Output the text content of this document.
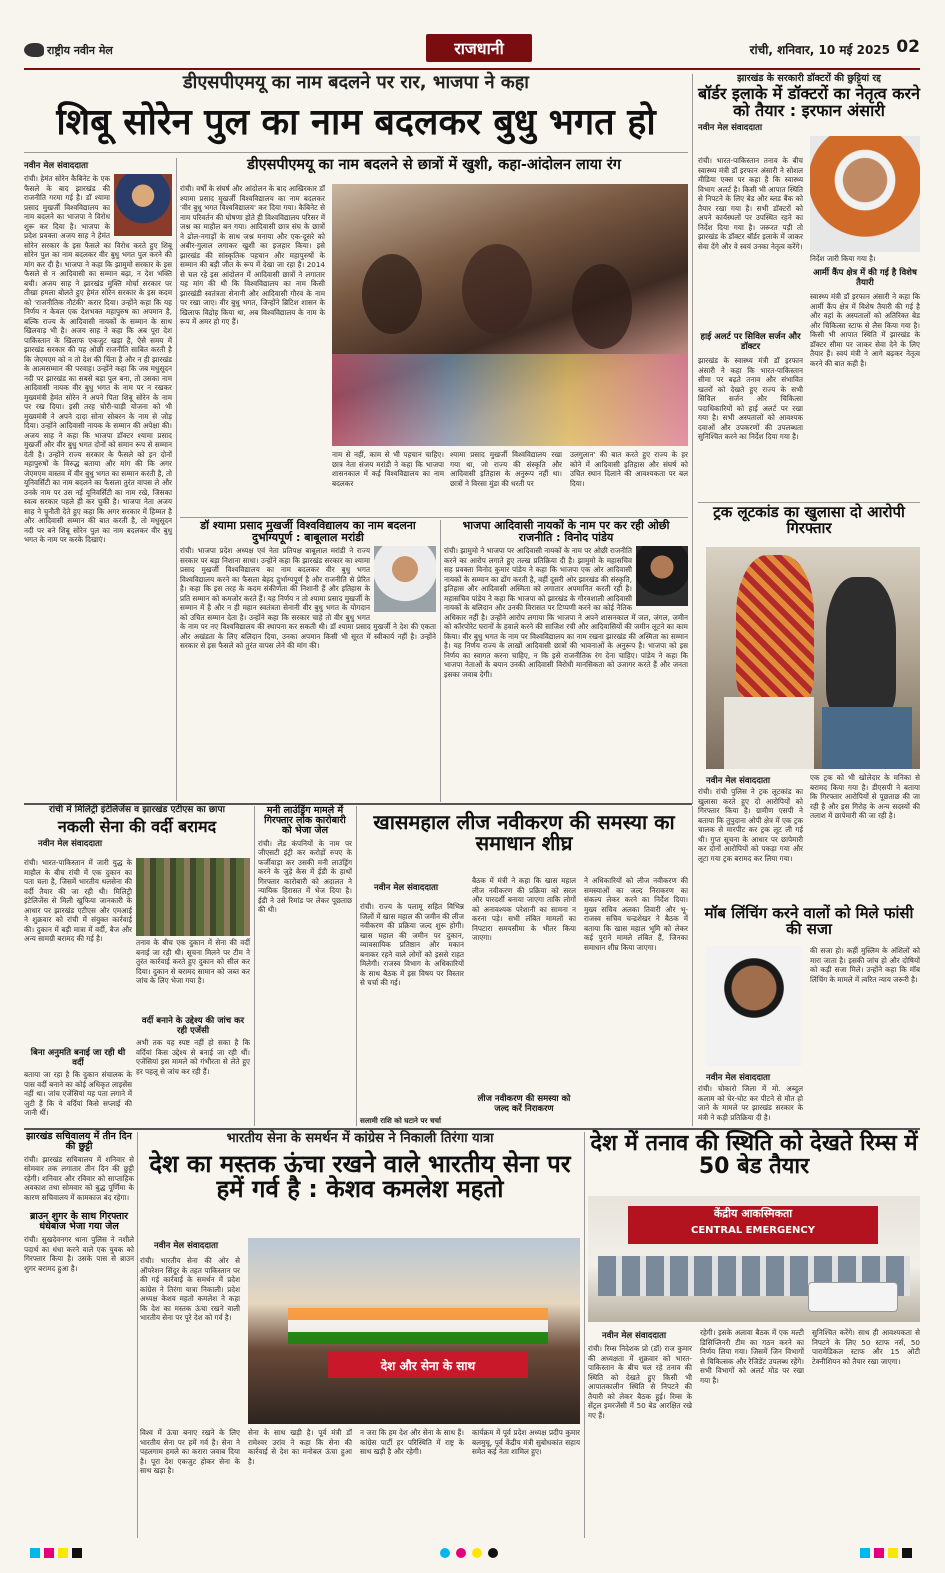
राष्ट्रीय नवीन मेल	राजधानी	रांची, शनिवार, 10 मई 2025 02
डीएसपीएमयू का नाम बदलने पर रार, भाजपा ने कहा
शिबू सोरेन पुल का नाम बदलकर बुधु भगत हो
नवीन मेल संवाददाता
रांची। हेमंत सोरेन कैबिनेट के एक फैसले के बाद झारखंड की राजनीति गरमा गई है। डॉ श्यामा प्रसाद मुखर्जी विश्वविद्यालय का नाम बदलने का भाजपा ने विरोध शुरू कर दिया है। भाजपा के प्रदेश प्रवक्ता अजय साह ने हेमंत सोरेन सरकार के इस फैसले का विरोध करते हुए शिबू सोरेन पुल का नाम बदलकर वीर बुधु भगत पुल करने की मांग कर दी है। भाजपा ने कहा कि झामुमो सरकार के इस फैसले से न आदिवासी का सम्मान बढ़ा, न देश भक्ति बची। अजय साह ने झारखंड मुक्ति मोर्चा सरकार पर तीखा हमला बोलते हुए हेमंत सोरेन सरकार के इस कदम को 'राजनीतिक नौटंकी' करार दिया। उन्होंने कहा कि यह निर्णय न केवल एक देशभक्त महापुरुष का अपमान है, बल्कि राज्य के आदिवासी नायकों के सम्मान के साथ खिलवाड़ भी है। अजय साह ने कहा कि अब पूरा देश पाकिस्तान के खिलाफ एकजुट खड़ा है, ऐसे समय में झारखंड सरकार की यह ओछी राजनीति साबित करती है कि जेएमएम को न तो देश की चिंता है और न ही झारखंड के आत्मसम्मान की परवाह। उन्होंने कहा कि जब मधुसूदन नदी पर झारखंड का सबसे बड़ा पुल बना, तो उसका नाम आदिवासी नायक वीर बुधु भगत के नाम पर न रखकर मुख्यमंत्री हेमंत सोरेन ने अपने पिता शिबू सोरेन के नाम पर रख दिया। इसी तरह चोरी-चाड़ी योजना को भी मुख्यमंत्री ने अपने दादा सोना सोबरन के नाम से जोड़ दिया। उन्होंने आदिवासी नायक के सम्मान की अपेक्षा की। अजय साह ने कहा कि भाजपा डॉक्टर श्यामा प्रसाद मुखर्जी और वीर बुधु भगत दोनों को समान रूप से सम्मान देती है। उन्होंने राज्य सरकार के फैसले को इन दोनों महापुरुषों के विरुद्ध बताया और मांग की कि अगर जेएमएम वास्तव में वीर बुधु भगत का सम्मान करती है, तो यूनिवर्सिटी का नाम बदलने का फैसला तुरंत वापस ले और उनके नाम पर उस नई यूनिवर्सिटी का नाम रखे, जिसका स्वत्व सरकार पहले ही कर चुकी है। भाजपा नेता अजय साह ने चुनौती देते हुए कहा कि अगर सरकार में हिम्मत है और आदिवासी सम्मान की बात करती है, तो मधुसूदन नदी पर बने शिबू सोरेन पुल का नाम बदलकर वीर बुधु भगत के नाम पर करके दिखाएं।
डीएसपीएमयू का नाम बदलने से छात्रों में खुशी, कहा-आंदोलन लाया रंग
रांची। वर्षों के संघर्ष और आंदोलन के बाद आखिरकार डॉ श्यामा प्रसाद मुखर्जी विश्वविद्यालय का नाम बदलकर 'वीर बुधु भगत विश्वविद्यालय' कर दिया गया। कैबिनेट से नाम परिवर्तन की घोषणा होते ही विश्वविद्यालय परिसर में जश्न का माहौल बन गया। आदिवासी छात्र संघ के छात्रों ने ढोल-नगाड़ों के साथ जश्न मनाया और एक-दूसरे को अबीर-गुलाल लगाकर खुशी का इजहार किया। इसे झारखंड की सांस्कृतिक पहचान और महापुरुषों के सम्मान की बड़ी जीत के रूप में देखा जा रहा है। 2014 से चल रहे इस आंदोलन में आदिवासी छात्रों ने लगातार यह मांग की थी कि विश्वविद्यालय का नाम किसी झारखंडी स्वतंत्रता सेनानी और आदिवासी गौरव के नाम पर रखा जाए। वीर बुधु भगत, जिन्होंने ब्रिटिश शासन के खिलाफ विद्रोह किया था, अब विश्वविद्यालय के नाम के रूप में अमर हो गए हैं।
नाम से नहीं, काम से भी पहचान चाहिए। छात्र नेता संजय मरांडी ने कहा कि भाजपा शासनकाल में कई विश्वविद्यालय का नाम बदलकर
श्यामा प्रसाद मुखर्जी विश्वविद्यालय रखा गया था, जो राज्य की संस्कृति और आदिवासी इतिहास के अनुरूप नहीं था। छात्रों ने विरसा मुंडा की धरती पर
उलगुलान' की बात करते हुए राज्य के हर कोने में आदिवासी इतिहास और संघर्ष को उचित स्थान दिलाने की आवश्यकता पर बल दिया।
डॉ श्यामा प्रसाद मुखर्जी विश्वविद्यालय का नाम बदलना दुर्भाग्यपूर्ण : बाबूलाल मरांडी
रांची। भाजपा प्रदेश अध्यक्ष एवं नेता प्रतिपक्ष बाबूलाल मरांडी ने राज्य सरकार पर बड़ा निशाना साधा। उन्होंने कहा कि झारखंड सरकार का श्यामा प्रसाद मुखर्जी विश्वविद्यालय का नाम बदलकर वीर बुधु भगत विश्वविद्यालय करने का फैसला बेहद दुर्भाग्यपूर्ण है और राजनीति से प्रेरित है। कहा कि इस तरह के कदम संकीर्णता की निशानी हैं और इतिहास के प्रति सम्मान को कमजोर करते हैं। यह निर्णय न तो श्यामा प्रसाद मुखर्जी के सम्मान में है और न ही महान स्वतंत्रता सेनानी वीर बुधु भगत के योगदान को उचित सम्मान देता है। उन्होंने कहा कि सरकार चाहे तो वीर बुधु भगत के नाम पर नए विश्वविद्यालय की स्थापना कर सकती थी। डॉ श्यामा प्रसाद मुखर्जी ने देश की एकता और अखंडता के लिए बलिदान दिया, उनका अपमान किसी भी सूरत में स्वीकार्य नहीं है। उन्होंने सरकार से इस फैसले को तुरंत वापस लेने की मांग की।
भाजपा आदिवासी नायकों के नाम पर कर रही ओछी राजनीति : विनोद पांडेय
रांची। झामुमो ने भाजपा पर आदिवासी नायकों के नाम पर ओछी राजनीति करने का आरोप लगाते हुए तल्ख प्रतिक्रिया दी है। झामुमो के महासचिव सह प्रवक्ता विनोद कुमार पांडेय ने कहा कि भाजपा एक ओर आदिवासी नायकों के सम्मान का ढोंग करती है, वहीं दूसरी ओर झारखंड की संस्कृति, इतिहास और आदिवासी अस्मिता को लगातार अपमानित करती रही है। महासचिव पांडेय ने कहा कि भाजपा को झारखंड के गौरवशाली आदिवासी नायकों के बलिदान और उनकी विरासत पर टिप्पणी करने का कोई नैतिक अधिकार नहीं है। उन्होंने आरोप लगाया कि भाजपा ने अपने शासनकाल में जल, जंगल, जमीन को कॉरपोरेट घरानों के हवाले करने की साजिश रची और आदिवासियों की जमीन लूटने का काम किया। वीर बुधु भगत के नाम पर विश्वविद्यालय का नाम रखना झारखंड की अस्मिता का सम्मान है। यह निर्णय राज्य के लाखों आदिवासी छात्रों की भावनाओं के अनुरूप है। भाजपा को इस निर्णय का स्वागत करना चाहिए, न कि इसे राजनीतिक रंग देना चाहिए। पांडेय ने कहा कि भाजपा नेताओं के बयान उनकी आदिवासी विरोधी मानसिकता को उजागर करते हैं और जनता इसका जवाब देगी।
झारखंड के सरकारी डॉक्टरों की छुट्टियां रद्द
बॉर्डर इलाके में डॉक्टरों का नेतृत्व करने को तैयार : इरफान अंसारी
नवीन मेल संवाददाता
रांची। भारत-पाकिस्तान तनाव के बीच स्वास्थ्य मंत्री डॉ इरफान अंसारी ने सोशल मीडिया एक्स पर कहा है कि स्वास्थ्य विभाग अलर्ट है। किसी भी आपात स्थिति से निपटने के लिए बेड और ब्लड बैंक को तैयार रखा गया है। सभी डॉक्टरों को अपने कार्यस्थलों पर उपस्थित रहने का निर्देश दिया गया है। जरूरत पड़ी तो झारखंड के डॉक्टर बॉर्डर इलाके में जाकर सेवा देंगे और वे स्वयं उनका नेतृत्व करेंगे।
हाई अलर्ट पर सिविल सर्जन और डॉक्टर
झारखंड के स्वास्थ्य मंत्री डॉ इरफान अंसारी ने कहा कि भारत-पाकिस्तान सीमा पर बढ़ते तनाव और संभावित खतरों को देखते हुए राज्य के सभी सिविल सर्जन और चिकित्सा पदाधिकारियों को हाई अलर्ट पर रखा गया है। सभी अस्पतालों को आवश्यक दवाओं और उपकरणों की उपलब्धता सुनिश्चित करने का निर्देश दिया गया है।
निर्देश जारी किया गया है।
आर्मी कैंप क्षेत्र में की गई है विशेष तैयारी
स्वास्थ्य मंत्री डॉ इरफान अंसारी ने कहा कि आर्मी कैंप क्षेत्र में विशेष तैयारी की गई है और वहां के अस्पतालों को अतिरिक्त बेड और चिकित्सा स्टाफ से लैस किया गया है। किसी भी आपात स्थिति में झारखंड के डॉक्टर सीमा पर जाकर सेवा देने के लिए तैयार हैं। स्वयं मंत्री ने आगे बढ़कर नेतृत्व करने की बात कही है।
ट्रक लूटकांड का खुलासा दो आरोपी गिरफ्तार
नवीन मेल संवाददाता
रांची। रांची पुलिस ने ट्रक लूटकांड का खुलासा करते हुए दो आरोपियों को गिरफ्तार किया है। ग्रामीण एसपी ने बताया कि तुपुदाना ओपी क्षेत्र में एक ट्रक चालक से मारपीट कर ट्रक लूट ली गई थी। गुप्त सूचना के आधार पर छापेमारी कर दोनों आरोपियों को पकड़ा गया और लूटा गया ट्रक बरामद कर लिया गया।
एक ट्रक को भी खोलेदार के मनिका से बरामद किया गया है। डीएसपी ने बताया कि गिरफ्तार आरोपियों से पूछताछ की जा रही है और इस गिरोह के अन्य सदस्यों की तलाश में छापेमारी की जा रही है।
रांची में मिलिट्री इंटेलिजेंस व झारखंड एटीएस का छापा
नकली सेना की वर्दी बरामद
नवीन मेल संवाददाता
रांची। भारत-पाकिस्तान में जारी युद्ध के माहौल के बीच रांची में एक दुकान का पता चला है, जिसमें भारतीय थलसेना की वर्दी तैयार की जा रही थी। मिलिट्री इंटेलिजेंस से मिली खुफिया जानकारी के आधार पर झारखंड एटीएस और एमआई ने शुक्रवार को रांची में संयुक्त कार्रवाई की। दुकान में बड़ी मात्रा में वर्दी, बैज और अन्य सामग्री बरामद की गई है।
बिना अनुमति बनाई जा रही थी वर्दी
बताया जा रहा है कि दुकान संचालक के पास वर्दी बनाने का कोई अधिकृत लाइसेंस नहीं था। जांच एजेंसियां यह पता लगाने में जुटी हैं कि ये वर्दियां किसे सप्लाई की जानी थीं।
तनाव के बीच एक दुकान में सेना की वर्दी बनाई जा रही थी। सूचना मिलने पर टीम ने तुरंत कार्रवाई करते हुए दुकान को सील कर दिया। दुकान से बरामद सामान को जब्त कर जांच के लिए भेजा गया है।
वर्दी बनाने के उद्देश्य की जांच कर रही एजेंसी
अभी तक यह स्पष्ट नहीं हो सका है कि वर्दियां किस उद्देश्य से बनाई जा रही थीं। एजेंसियां इस मामले को गंभीरता से लेते हुए हर पहलू से जांच कर रही हैं।
मनी लाउंड्रिंग मामले में गिरफ्तार लोक कारोबारी को भेजा जेल
रांची। लेंड कंपनियों के नाम पर जीएसटी इंट्री कर करोड़ों रुपए के फर्जीवाड़ा कर उसकी मनी लाउंड्रिंग करने के जुड़े केस में ईडी के हाथों गिरफ्तार कारोबारी को अदालत ने न्यायिक हिरासत में भेज दिया है। ईडी ने उसे रिमांड पर लेकर पूछताछ की थी।
खासमहाल लीज नवीकरण की समस्या का समाधान शीघ्र
नवीन मेल संवाददाता
रांची। राज्य के पलामू सहित विभिन्न जिलों में खास महाल की जमीन की लीज नवीकरण की प्रक्रिया जल्द शुरू होगी। खास महाल की जमीन पर दुकान, व्यावसायिक प्रतिष्ठान और मकान बनाकर रहने वाले लोगों को इससे राहत मिलेगी। राजस्व विभाग के अधिकारियों के साथ बैठक में इस विषय पर विस्तार से चर्चा की गई।
बैठक में मंत्री ने कहा कि खास महाल लीज नवीकरण की प्रक्रिया को सरल और पारदर्शी बनाया जाएगा ताकि लोगों को अनावश्यक परेशानी का सामना न करना पड़े। सभी लंबित मामलों का निपटारा समयसीमा के भीतर किया जाएगा।
लीज नवीकरण की समस्या को जल्द करें निराकरण
ने अधिकारियों को लीज नवीकरण की समस्याओं का जल्द निराकरण का संकल्प लेकर करने का निर्देश दिया। मुख्य सचिव अलका तिवारी और भू-राजस्व सचिव चन्द्रशेखर ने बैठक में बताया कि खास महाल भूमि को लेकर कई पुराने मामले लंबित हैं, जिनका समाधान शीघ्र किया जाएगा।
सलामी राशि को घटाने पर चर्चा
मॉब लिंचिंग करने वालों को मिले फांसी की सजा
नवीन मेल संवाददाता
रांची। चोकारो जिला में मो. अब्दुल कलाम को घेर-घोट कर पीटने से मौत हो जाने के मामले पर झारखंड सरकार के मंत्री ने कड़ी प्रतिक्रिया दी है।
की सजा हो। कहीं मुस्लिम के अंशिलों को मारा जाता है। इसकी जांच हो और दोषियों को कड़ी सजा मिले। उन्होंने कहा कि मॉब लिंचिंग के मामले में त्वरित न्याय जरूरी है।
झारखंड सचिवालय में तीन दिन की छुट्टी
रांची। झारखंड सचिवालय में शनिवार से सोमवार तक लगातार तीन दिन की छुट्टी रहेगी। शनिवार और रविवार को साप्ताहिक अवकाश तथा सोमवार को बुद्ध पूर्णिमा के कारण सचिवालय में कामकाज बंद रहेगा।
ब्राउन शुगर के साथ गिरफ्तार धंधेबाज भेजा गया जेल
रांची। सुखदेवनगर थाना पुलिस ने नशीले पदार्थ का धंधा करने वाले एक युवक को गिरफ्तार किया है। उसके पास से ब्राउन शुगर बरामद हुआ है।
भारतीय सेना के समर्थन में कांग्रेस ने निकाली तिरंगा यात्रा
देश का मस्तक ऊंचा रखने वाले भारतीय सेना पर हमें गर्व है : केशव कमलेश महतो
नवीन मेल संवाददाता
रांची। भारतीय सेना की ओर से ऑपरेशन सिंदूर के तहत पाकिस्तान पर की गई कार्रवाई के समर्थन में प्रदेश कांग्रेस ने तिरंगा यात्रा निकाली। प्रदेश अध्यक्ष केशव महतो कमलेश ने कहा कि देश का मस्तक ऊंचा रखने वाली भारतीय सेना पर पूरे देश को गर्व है।
देश और सेना के साथ
विश्व में ऊंचा बनाए रखने के लिए भारतीय सेना पर हमें गर्व है। सेना ने पहलगाम हमले का करारा जवाब दिया है। पूरा देश एकजुट होकर सेना के साथ खड़ा है।
सेना के साथ खड़ी है। पूर्व मंत्री डॉ रामेश्वर उरांव ने कहा कि सेना की कार्रवाई से देश का मनोबल ऊंचा हुआ है।
न जरा कि हम देश और सेना के साथ हैं। कांग्रेस पार्टी हर परिस्थिति में राष्ट्र के साथ खड़ी है और रहेगी।
कार्यक्रम में पूर्व प्रदेश अध्यक्ष प्रदीप कुमार बलमुचू, पूर्व केंद्रीय मंत्री सुबोधकांत सहाय समेत कई नेता शामिल हुए।
देश में तनाव की स्थिति को देखते रिम्स में 50 बेड तैयार
केंद्रीय आकस्मिकता
CENTRAL EMERGENCY
नवीन मेल संवाददाता
रांची। रिम्स निदेशक प्रो (डॉ) राज कुमार की अध्यक्षता में शुक्रवार को भारत-पाकिस्तान के बीच चल रहे तनाव की स्थिति को देखते हुए किसी भी आपातकालीन स्थिति से निपटने की तैयारी को लेकर बैठक हुई। रिम्स के सेंट्रल इमरजेंसी में 50 बेड आरक्षित रखे गए हैं।
रहेगी। इसके अलावा बैठक में एक मल्टी डिसिप्लिनरी टीम का गठन करने का निर्णय लिया गया। जिसमें जिन विभागों से चिकित्सक और रेजिडेंट उपलब्ध रहेंगे। सभी विभागों को अलर्ट मोड पर रखा गया है।
सुनिश्चित करेंगे। साथ ही आवश्यकता से निपटने के लिए 50 स्टाफ नर्स, 50 पारामेडिकल स्टाफ और 15 ओटी टेक्नीशियन को तैयार रखा जाएगा।
